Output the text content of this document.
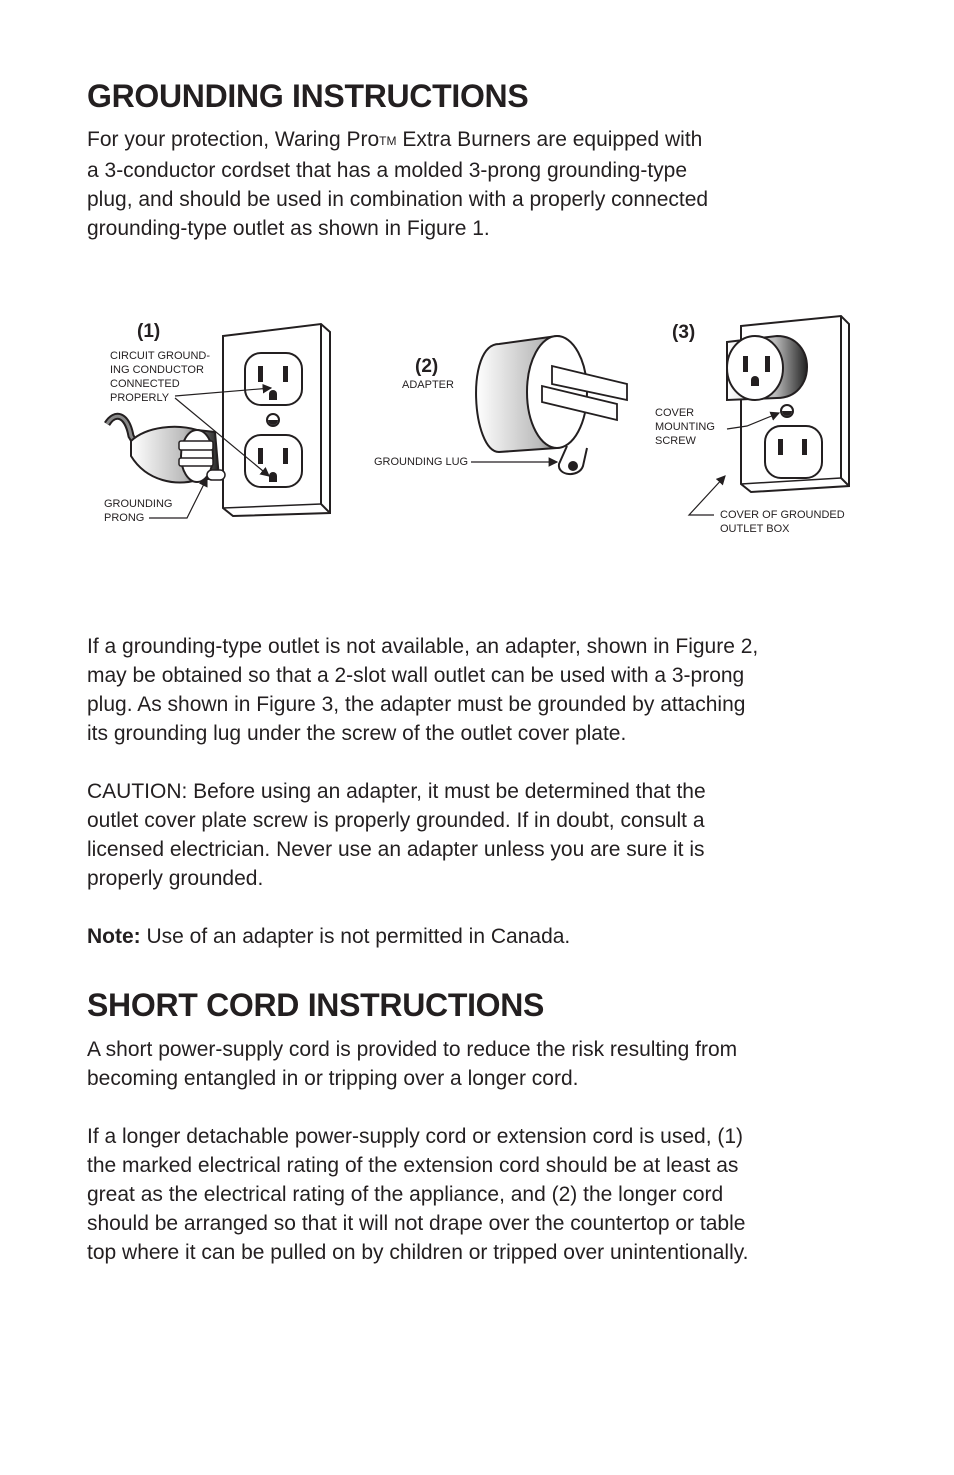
GROUNDING INSTRUCTIONS

For your protection, Waring ProTM Extra Burners are equipped with
a 3-conductor cordset that has a molded 3-prong grounding-type
plug, and should be used in combination with a properly connected
grounding-type outlet as shown in Figure 1.

(1)
CIRCUIT GROUND-
ING CONDUCTOR
CONNECTED
PROPERLY
GROUNDING
PRONG
(2)
ADAPTER
GROUNDING LUG
(3)
COVER
MOUNTING
SCREW
COVER OF GROUNDED
OUTLET BOX

If a grounding-type outlet is not available, an adapter, shown in Figure 2,
may be obtained so that a 2-slot wall outlet can be used with a 3-prong
plug. As shown in Figure 3, the adapter must be grounded by attaching
its grounding lug under the screw of the outlet cover plate.

CAUTION: Before using an adapter, it must be determined that the
outlet cover plate screw is properly grounded. If in doubt, consult a
licensed electrician. Never use an adapter unless you are sure it is
properly grounded.

Note: Use of an adapter is not permitted in Canada.

SHORT CORD INSTRUCTIONS

A short power-supply cord is provided to reduce the risk resulting from
becoming entangled in or tripping over a longer cord.

If a longer detachable power-supply cord or extension cord is used, (1)
the marked electrical rating of the extension cord should be at least as
great as the electrical rating of the appliance, and (2) the longer cord
should be arranged so that it will not drape over the countertop or table
top where it can be pulled on by children or tripped over unintentionally.
